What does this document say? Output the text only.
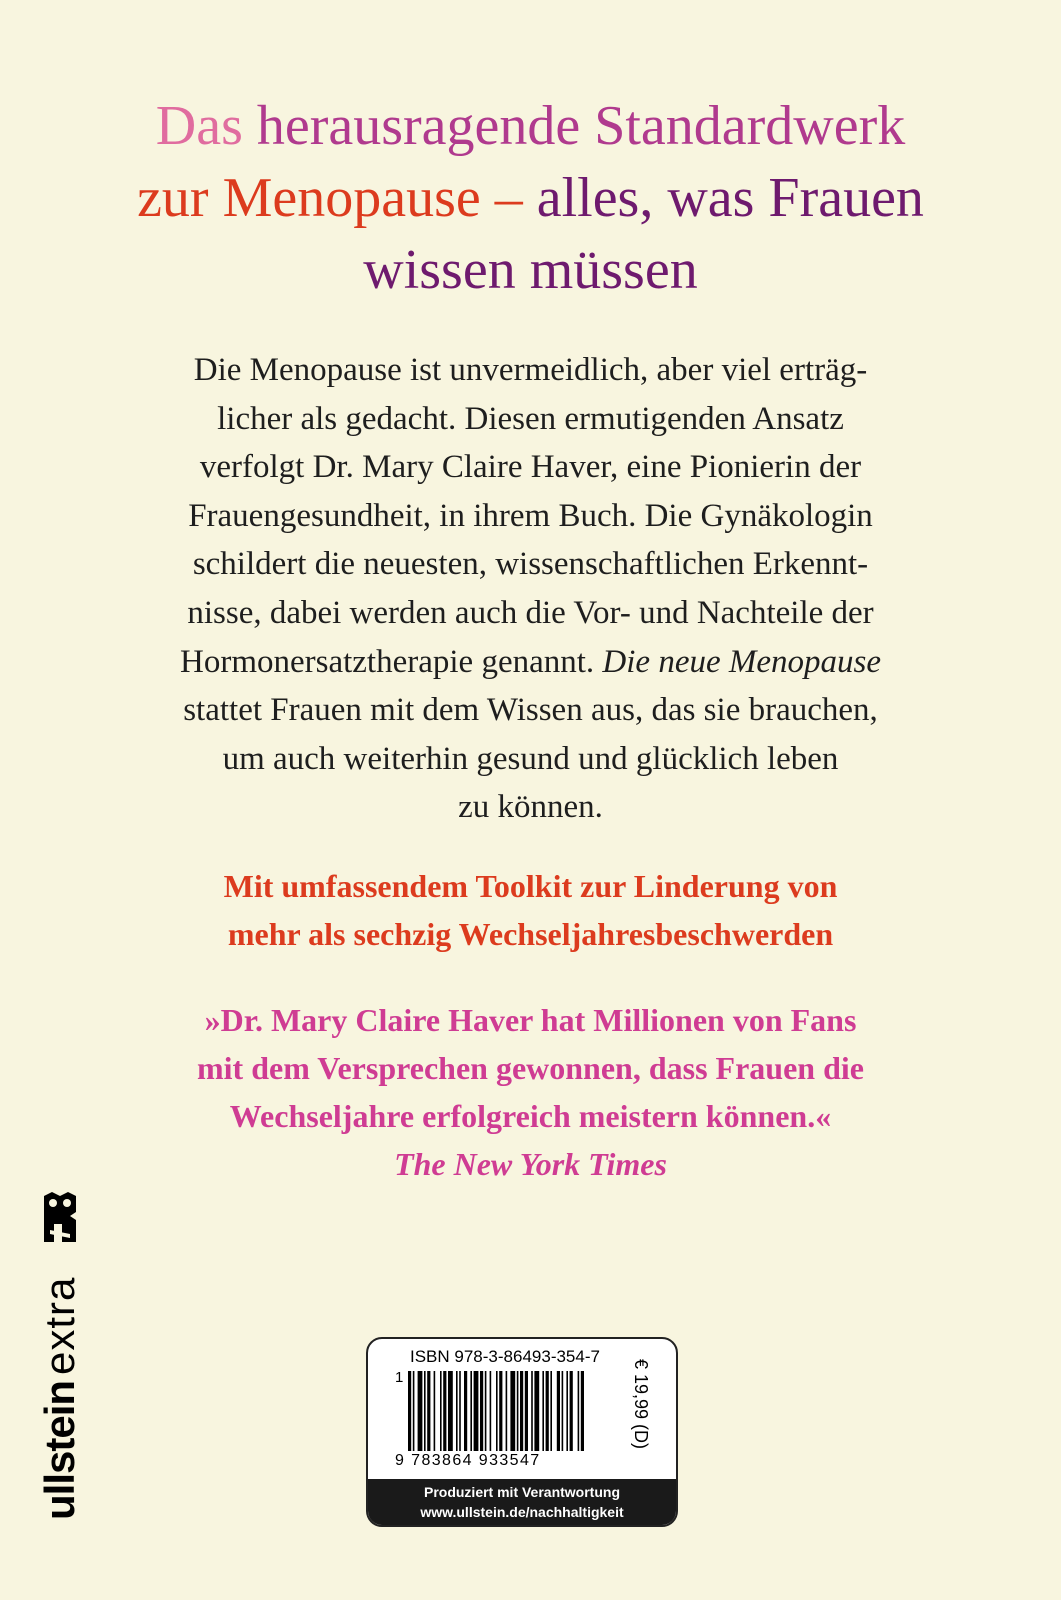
Das herausragende Standardwerk
zur Menopause – alles, was Frauen
wissen müssen
Die Menopause ist unvermeidlich, aber viel erträg-
licher als gedacht. Diesen ermutigenden Ansatz
verfolgt Dr. Mary Claire Haver, eine Pionierin der
Frauengesundheit, in ihrem Buch. Die Gynäkologin
schildert die neuesten, wissenschaftlichen Erkennt-
nisse, dabei werden auch die Vor- und Nachteile der
Hormonersatztherapie genannt. Die neue Menopause
stattet Frauen mit dem Wissen aus, das sie brauchen,
um auch weiterhin gesund und glücklich leben
zu können.
Mit umfassendem Toolkit zur Linderung von
mehr als sechzig Wechseljahresbeschwerden
»Dr. Mary Claire Haver hat Millionen von Fans
mit dem Versprechen gewonnen, dass Frauen die
Wechseljahre erfolgreich meistern können.«
The New York Times
ullsteinextra	ISBN 978-3-86493-354-7
1
9 783864 933547
€ 19,99 (D)
Produziert mit Verantwortung
www.ullstein.de/nachhaltigkeit
